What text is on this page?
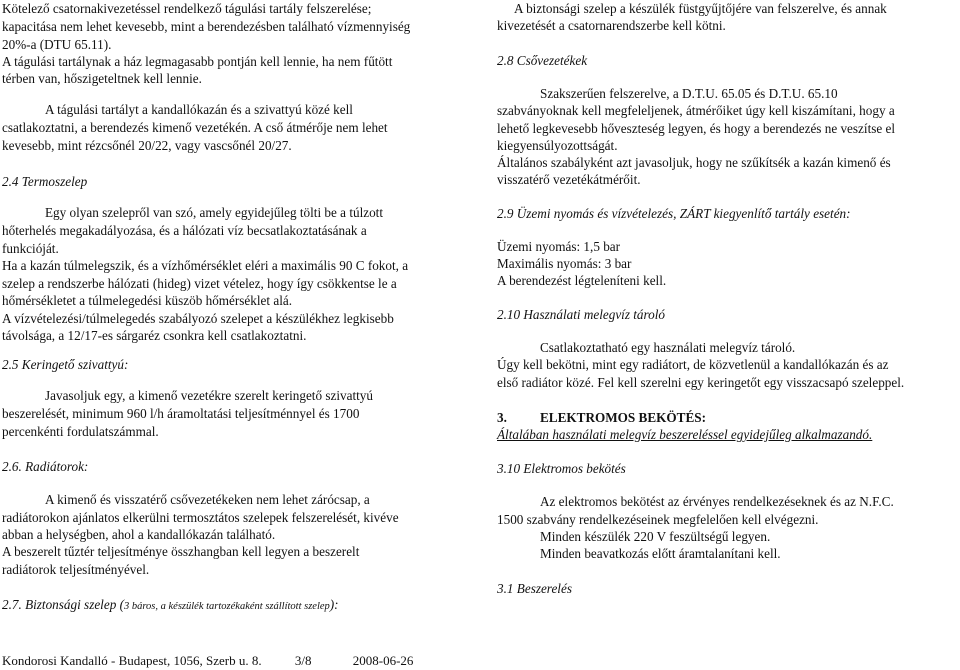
Kötelező csatornakivezetéssel rendelkező tágulási tartály felszerelése;

kapacitása nem lehet kevesebb, mint a berendezésben található vízmennyiség

20%-a (DTU 65.11).

A tágulási tartálynak a ház legmagasabb pontján kell lennie, ha nem fűtött

térben van, hőszigeteltnek kell lennie.

A tágulási tartályt a kandallókazán és a szivattyú közé kell

csatlakoztatni, a berendezés kimenő vezetékén. A cső átmérője nem lehet

kevesebb, mint rézcsőnél 20/22, vagy vascsőnél 20/27.

2.4 Termoszelep

Egy olyan szelepről van szó, amely egyidejűleg tölti be a túlzott

hőterhelés megakadályozása, és a hálózati víz becsatlakoztatásának a

funkcióját.

Ha a kazán túlmelegszik, és a vízhőmérséklet eléri a maximális 90 C fokot, a

szelep a rendszerbe hálózati (hideg) vizet vételez, hogy így csökkentse le a

hőmérsékletet a túlmelegedési küszöb hőmérséklet alá.

A vízvételezési/túlmelegedés szabályozó szelepet a készülékhez legkisebb

távolsága, a 12/17-es sárgaréz csonkra kell csatlakoztatni.

2.5 Keringető szivattyú:

Javasoljuk egy, a kimenő vezetékre szerelt keringető szivattyú

beszerelését, minimum 960 l/h áramoltatási teljesítménnyel és 1700

percenkénti fordulatszámmal.

2.6. Radiátorok:

A kimenő és visszatérő csővezetékeken nem lehet zárócsap, a

radiátorokon ajánlatos elkerülni termosztátos szelepek felszerelését, kivéve

abban a helységben, ahol a kandallókazán található.

A beszerelt tűztér teljesítménye összhangban kell legyen a beszerelt

radiátorok teljesítményével.

2.7. Biztonsági szelep (3 báros, a készülék tartozékaként szállított szelep):

A biztonsági szelep a készülék füstgyűjtőjére van felszerelve, és annak

kivezetését a csatornarendszerbe kell kötni.

2.8 Csővezetékek

Szakszerűen felszerelve, a D.T.U. 65.05 és D.T.U. 65.10

szabványoknak kell megfeleljenek, átmérőiket úgy kell kiszámítani, hogy a

lehető legkevesebb hőveszteség legyen, és hogy a berendezés ne veszítse el

kiegyensúlyozottságát.

Általános szabályként azt javasoljuk, hogy ne szűkítsék a kazán kimenő és

visszatérő vezetékátmérőit.

2.9 Üzemi nyomás és vízvételezés, ZÁRT kiegyenlítő tartály esetén:

Üzemi nyomás: 1,5 bar

Maximális nyomás: 3 bar

A berendezést légteleníteni kell.

2.10 Használati melegvíz tároló

Csatlakoztatható egy használati melegvíz tároló.

Úgy kell bekötni, mint egy radiátort, de közvetlenül a kandallókazán és az

első radiátor közé. Fel kell szerelni egy keringetőt egy visszacsapó szeleppel.

3.	ELEKTROMOS BEKÖTÉS:

Általában használati melegvíz beszereléssel egyidejűleg alkalmazandó.

3.10 Elektromos bekötés

Az elektromos bekötést az érvényes rendelkezéseknek és az N.F.C.

1500 szabvány rendelkezéseinek megfelelően kell elvégezni.

Minden készülék 220 V feszültségű legyen.

Minden beavatkozás előtt áramtalanítani kell.

3.1 Beszerelés

Kondorosi Kandalló - Budapest, 1056, Szerb u. 8.	3/8	2008-06-26
